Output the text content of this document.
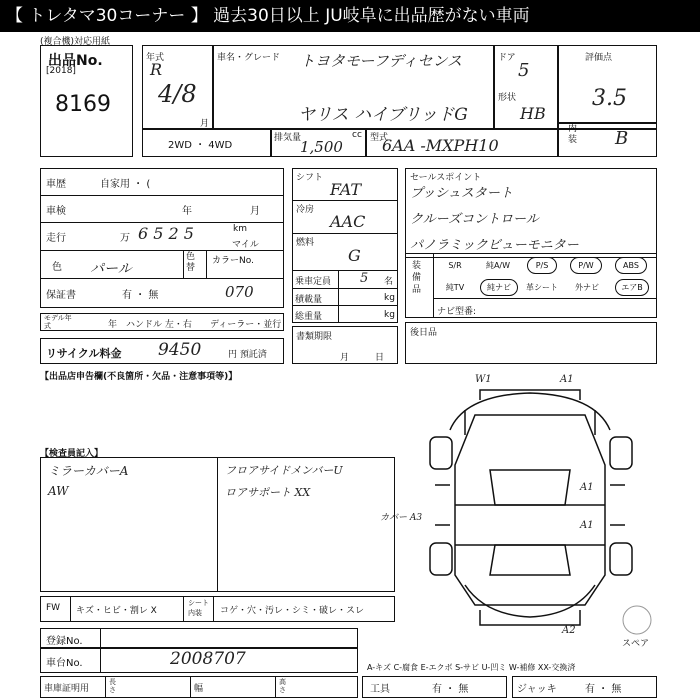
【 トレタマ30コーナー 】 過去30日以上 JU岐阜に出品歴がない車両
(複合機)対応用紙
出品No.
[2018]
8169
年式
R
4/8
月
車名・グレード トヨタモーフディセンス
ヤリス ハイブリッドG
ドア
5
形状
HB
評価点
3.5
内装 B
2WD ・ 4WD
排気量	cc
1,500	型式
6AA -MXPH10
車歴	自家用 ・ (
車検	年	月
走行	万 6 5 2 5	km
マイル
色 パール
色替
カラーNo.
070
保証書	有 ・ 無
モデル年式	年 ハンドル 左・右 ディーラー・並行
リサイクル料金 9450	円 預託済
シフト
FAT
冷房
AAC
燃料
G
乗車定員 5 名
積載量	kg
総重量	kg
書類期限
月日
セールスポイント
プッシュスタート
クルーズコントロール
パノラミックビューモニター
装備品
S/R	純A/W	P/S	P/W	ABS
純TV	純ナビ	革シート	外ナビ	エアB
ナビ型番:
後日品
【出品店申告欄(不良箇所・欠品・注意事項等)】
【検査員記入】
ミラーカバーA
AW
フロアサイドメンバーU
ロアサポート XX
W1	A1
A1
カバー A3
A1
A2
スペア
FW キズ・ヒビ・割レ X
シート内装	コゲ・穴・汚レ・シミ・破レ・スレ
登録No.
車台No.	2008707
車庫証明用
長さ	幅
高さ
A-キズ C-腐食 E-エクボ S-サビ U-凹ミ W-補修 XX-交換済
工具	有 ・ 無	ジャッキ	有 ・ 無
